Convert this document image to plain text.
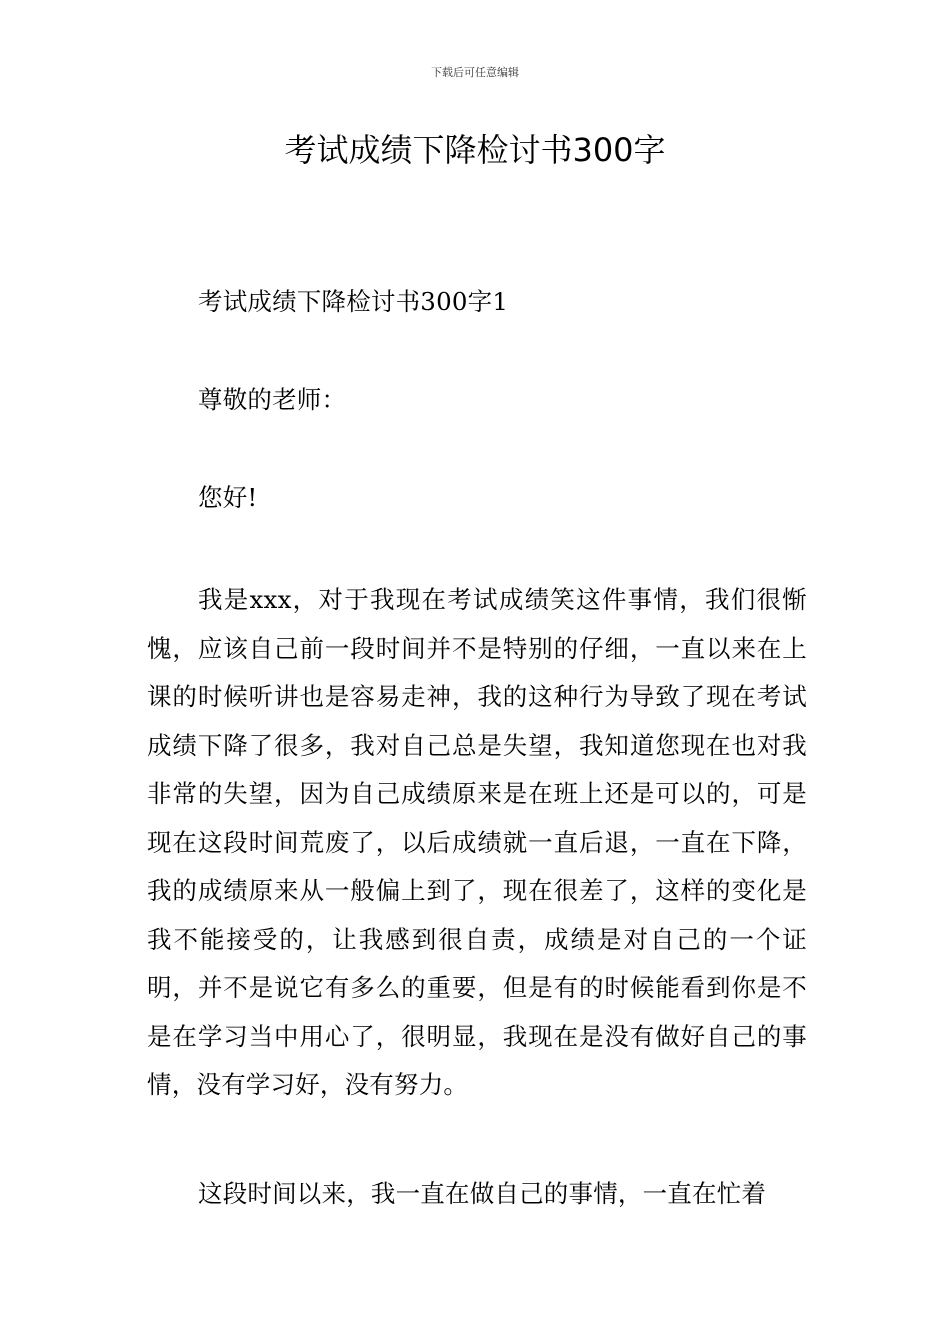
下载后可任意编辑
考试成绩下降检讨书300字

考试成绩下降检讨书300字1

尊敬的老师：

您好!

我是xxx，对于我现在考试成绩笑这件事情，我们很惭愧，应该自己前一段时间并不是特别的仔细，一直以来在上课的时候听讲也是容易走神，我的这种行为导致了现在考试成绩下降了很多，我对自己总是失望，我知道您现在也对我非常的失望，因为自己成绩原来是在班上还是可以的，可是现在这段时间荒废了，以后成绩就一直后退，一直在下降，我的成绩原来从一般偏上到了，现在很差了，这样的变化是我不能接受的，让我感到很自责，成绩是对自己的一个证明，并不是说它有多么的重要，但是有的时候能看到你是不是在学习当中用心了，很明显，我现在是没有做好自己的事情，没有学习好，没有努力。

这段时间以来，我一直在做自己的事情，一直在忙着
